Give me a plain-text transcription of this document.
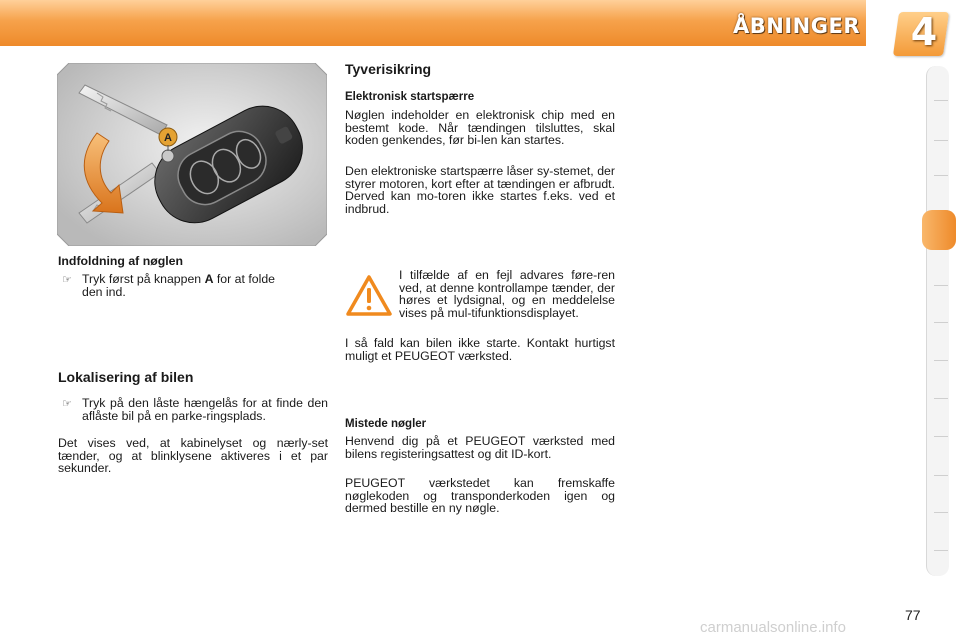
ÅBNINGER 4
A
Indfoldning af nøglen
☞ Tryk først på knappen A for at folde
den ind.
Lokalisering af bilen
☞ Tryk på den låste hængelås for at finde den aflåste bil på en parke-ringsplads.
Det vises ved, at kabinelyset og nærly-set tænder, og at blinklysene aktiveres i et par sekunder.
Tyverisikring
Elektronisk startspærre
Nøglen indeholder en elektronisk chip med en bestemt kode. Når tændingen tilsluttes, skal koden genkendes, før bi-len kan startes.
Den elektroniske startspærre låser sy-stemet, der styrer motoren, kort efter at tændingen er afbrudt. Derved kan mo-toren ikke startes f.eks. ved et indbrud.
I tilfælde af en fejl advares føre-ren ved, at denne kontrollampe tænder, der høres et lydsignal, og en meddelelse vises på mul-tifunktionsdisplayet.
I så fald kan bilen ikke starte. Kontakt hurtigst muligt et PEUGEOT værksted.
Mistede nøgler
Henvend dig på et PEUGEOT værksted med bilens registeringsattest og dit ID-kort.
PEUGEOT værkstedet kan fremskaffe nøglekoden og transponderkoden igen og dermed bestille en ny nøgle.
77
carmanualsonline.info
